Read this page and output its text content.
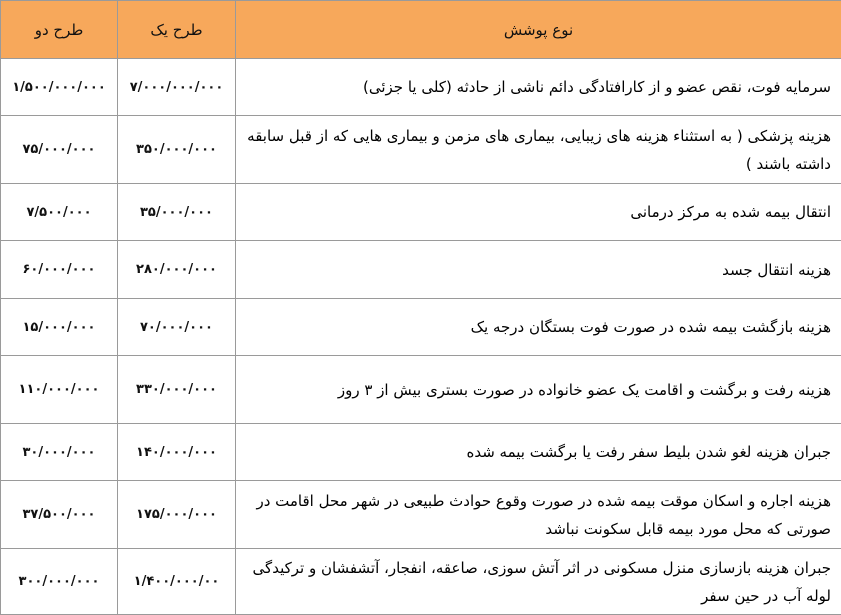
نوع پوشش	طرح یک	طرح دو
سرمایه فوت، نقص عضو و از کارافتادگی دائم ناشی از حادثه (کلی یا جزئی)	۷/۰۰۰/۰۰۰/۰۰۰	۱/۵۰۰/۰۰۰/۰۰۰
هزینه پزشکی ( به استثناء هزینه های زیبایی، بیماری های مزمن و بیماری هایی که از قبل سابقه داشته باشند )	۳۵۰/۰۰۰/۰۰۰	۷۵/۰۰۰/۰۰۰
انتقال بیمه شده به مرکز درمانی	۳۵/۰۰۰/۰۰۰	۷/۵۰۰/۰۰۰
هزینه انتقال جسد	۲۸۰/۰۰۰/۰۰۰	۶۰/۰۰۰/۰۰۰
هزینه بازگشت بیمه شده در صورت فوت بستگان درجه یک	۷۰/۰۰۰/۰۰۰	۱۵/۰۰۰/۰۰۰
هزینه رفت و برگشت و اقامت یک عضو خانواده در صورت بستری بیش از ۳ روز	۳۳۰/۰۰۰/۰۰۰	۱۱۰/۰۰۰/۰۰۰
جبران هزینه لغو شدن بلیط سفر رفت یا برگشت بیمه شده	۱۴۰/۰۰۰/۰۰۰	۳۰/۰۰۰/۰۰۰
هزینه اجاره و اسکان موقت بیمه شده در صورت وقوع حوادث طبیعی در شهر محل اقامت در صورتی که محل مورد بیمه قابل سکونت نباشد	۱۷۵/۰۰۰/۰۰۰	۳۷/۵۰۰/۰۰۰
جبران هزینه بازسازی منزل مسکونی در اثر آتش سوزی، صاعقه، انفجار، آتشفشان و ترکیدگی لوله آب در حین سفر	۱/۴۰۰/۰۰۰/۰۰	۳۰۰/۰۰۰/۰۰۰
